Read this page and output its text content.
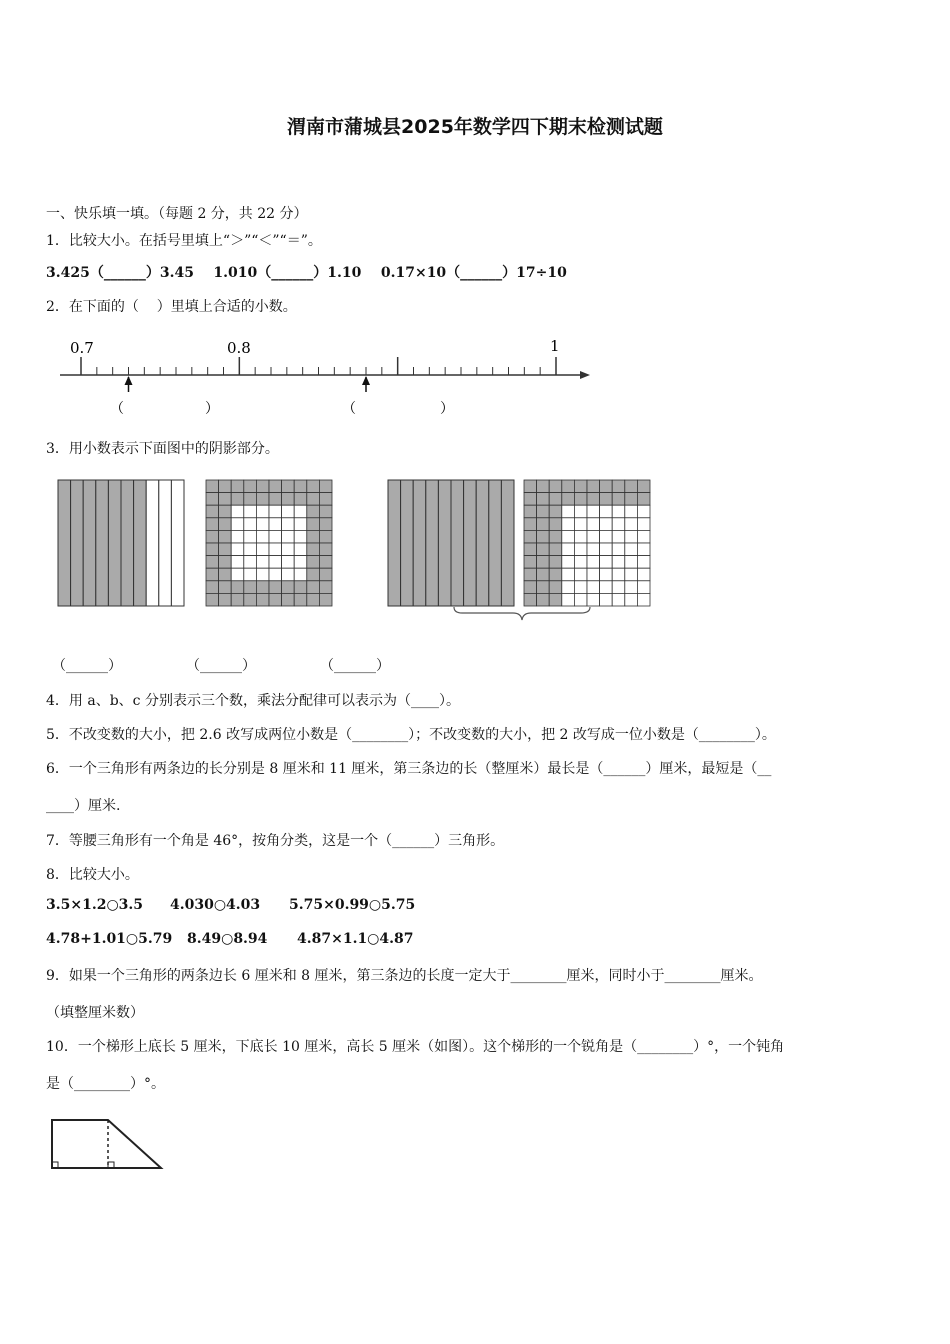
渭南市蒲城县2025年数学四下期末检测试题
一、快乐填一填。（每题 2 分，共 22 分）
1．比较大小。在括号里填上“＞”“＜”“＝”。
3.425（______）3.45    1.010（______）1.10    0.17×10（______）17÷10
2．在下面的（    ）里填上合适的小数。
0.7	0.8	1
（	）	（	）
3．用小数表示下面图中的阴影部分。
（______）	（______）	（______）
4．用 a、b、c 分别表示三个数，乘法分配律可以表示为（____）。
5．不改变数的大小，把 2.6 改写成两位小数是（________）；不改变数的大小，把 2 改写成一位小数是（________）。
6．一个三角形有两条边的长分别是 8 厘米和 11 厘米，第三条边的长（整厘米）最长是（______）厘米，最短是（__
____）厘米.
7．等腰三角形有一个角是 46°，按角分类，这是一个（______）三角形。
8．比较大小。
3.5×1.2○3.5 4.030○4.03 5.75×0.99○5.75
4.78+1.01○5.79 8.49○8.94 4.87×1.1○4.87
9．如果一个三角形的两条边长 6 厘米和 8 厘米，第三条边的长度一定大于________厘米，同时小于________厘米。
（填整厘米数）
10．一个梯形上底长 5 厘米，下底长 10 厘米，高长 5 厘米（如图）。这个梯形的一个锐角是（________）°，一个钝角
是（________）°。
